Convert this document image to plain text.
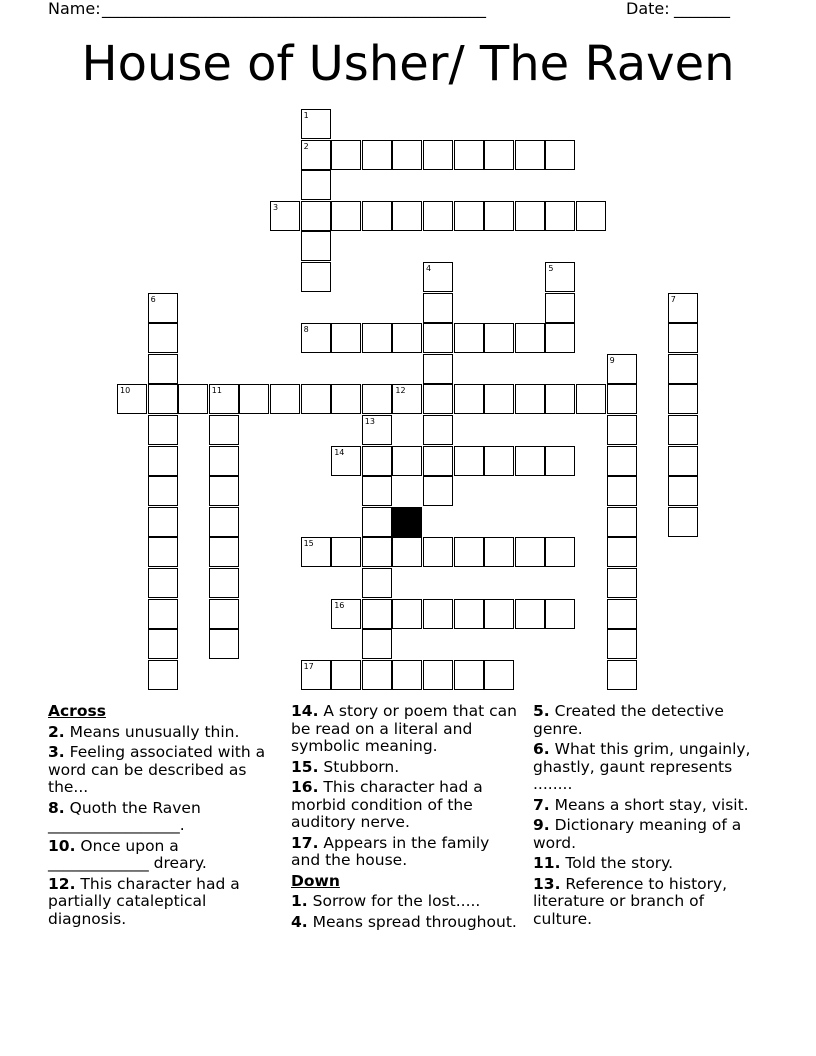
Name: ________________________________________________	Date: _______
House of Usher/ The Raven
1
2
3
4	5
6	7
8
9
10	11	12
13
14
15
16
17

Across

2. Means unusually thin.

3. Feeling associated with a word can be described as the...

8. Quoth the Raven _________________.

10. Once upon a _____________ dreary.

12. This character had a partially cataleptical diagnosis.

14. A story or poem that can be read on a literal and symbolic meaning.

15. Stubborn.

16. This character had a morbid condition of the auditory nerve.

17. Appears in the family and the house.

Down

1. Sorrow for the lost.....

4. Means spread throughout.

5. Created the detective genre.

6. What this grim, ungainly, ghastly, gaunt represents ........

7. Means a short stay, visit.

9. Dictionary meaning of a word.

11. Told the story.

13. Reference to history, literature or branch of culture.
